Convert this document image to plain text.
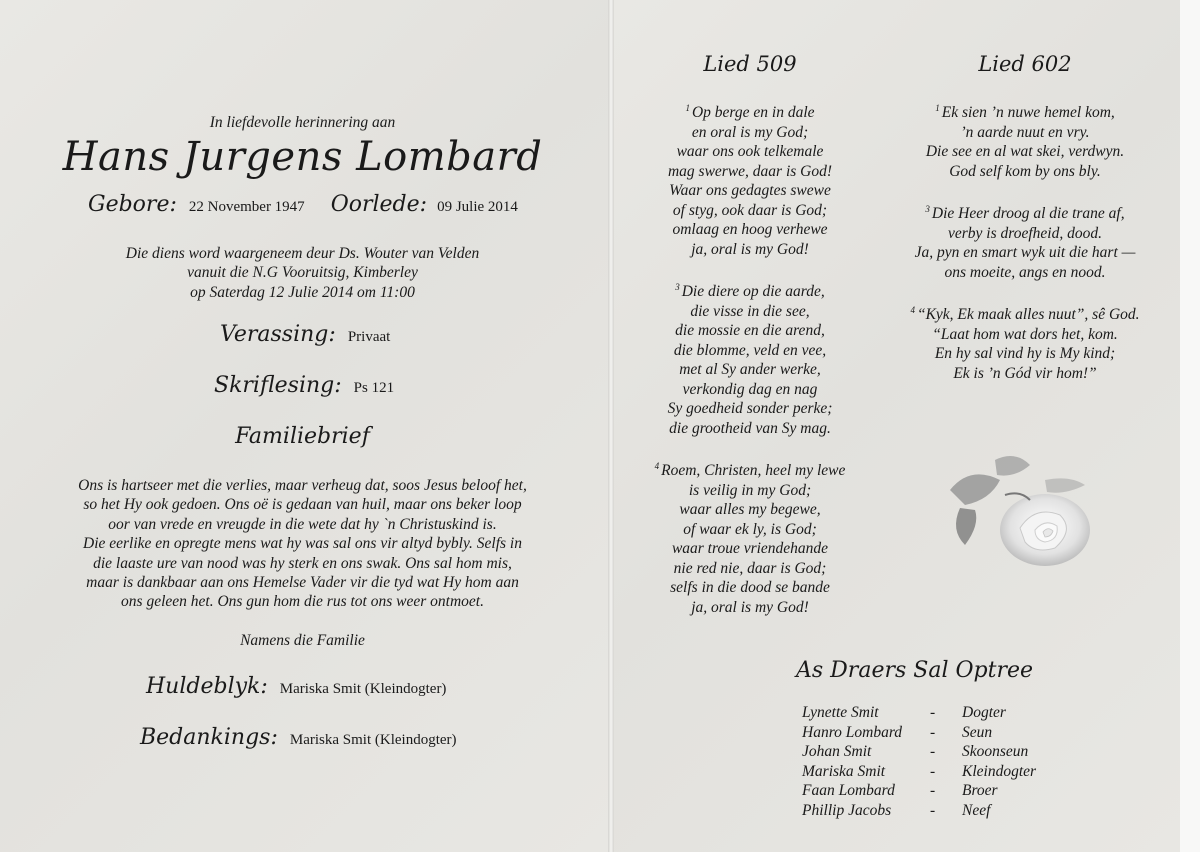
In liefdevolle herinnering aan
Hans Jurgens Lombard
Gebore: 22 November 1947 Oorlede: 09 Julie 2014
Die diens word waargeneem deur Ds. Wouter van Velden
vanuit die N.G Vooruitsig, Kimberley
op Saterdag 12 Julie 2014 om 11:00
Verassing: Privaat
Skriflesing: Ps 121
Familiebrief
Ons is hartseer met die verlies, maar verheug dat, soos Jesus beloof het,
so het Hy ook gedoen. Ons oë is gedaan van huil, maar ons beker loop
oor van vrede en vreugde in die wete dat hy `n Christuskind is.
Die eerlike en opregte mens wat hy was sal ons vir altyd bybly. Selfs in
die laaste ure van nood was hy sterk en ons swak. Ons sal hom mis,
maar is dankbaar aan ons Hemelse Vader vir die tyd wat Hy hom aan
ons geleen het. Ons gun hom die rus tot ons weer ontmoet.
Namens die Familie
Huldeblyk: Mariska Smit (Kleindogter)
Bedankings: Mariska Smit (Kleindogter)
Lied 509
$^1$ Op berge en in dale
en oral is my God;
waar ons ook telkemale
mag swerwe, daar is God!
Waar ons gedagtes swewe
of styg, ook daar is God;
omlaag en hoog verhewe
ja, oral is my God!
$^3$ Die diere op die aarde,
die visse in die see,
die mossie en die arend,
die blomme, veld en vee,
met al Sy ander werke,
verkondig dag en nag
Sy goedheid sonder perke;
die grootheid van Sy mag.
$^4$ Roem, Christen, heel my lewe
is veilig in my God;
waar alles my begewe,
of waar ek ly, is God;
waar troue vriendehande
nie red nie, daar is God;
selfs in die dood se bande
ja, oral is my God!
Lied 602
$^1$ Ek sien ’n nuwe hemel kom,
’n aarde nuut en vry.
Die see en al wat skei, verdwyn.
God self kom by ons bly.
$^3$ Die Heer droog al die trane af,
verby is droefheid, dood.
Ja, pyn en smart wyk uit die hart —
ons moeite, angs en nood.
$^4$ “Kyk, Ek maak alles nuut”, sê God.
“Laat hom wat dors het, kom.
En hy sal vind hy is My kind;
Ek is ’n Gód vir hom!”
As Draers Sal Optree
Lynette Smit	-	Dogter
Hanro Lombard	-	Seun
Johan Smit	-	Skoonseun
Mariska Smit	-	Kleindogter
Faan Lombard	-	Broer
Phillip Jacobs	-	Neef
